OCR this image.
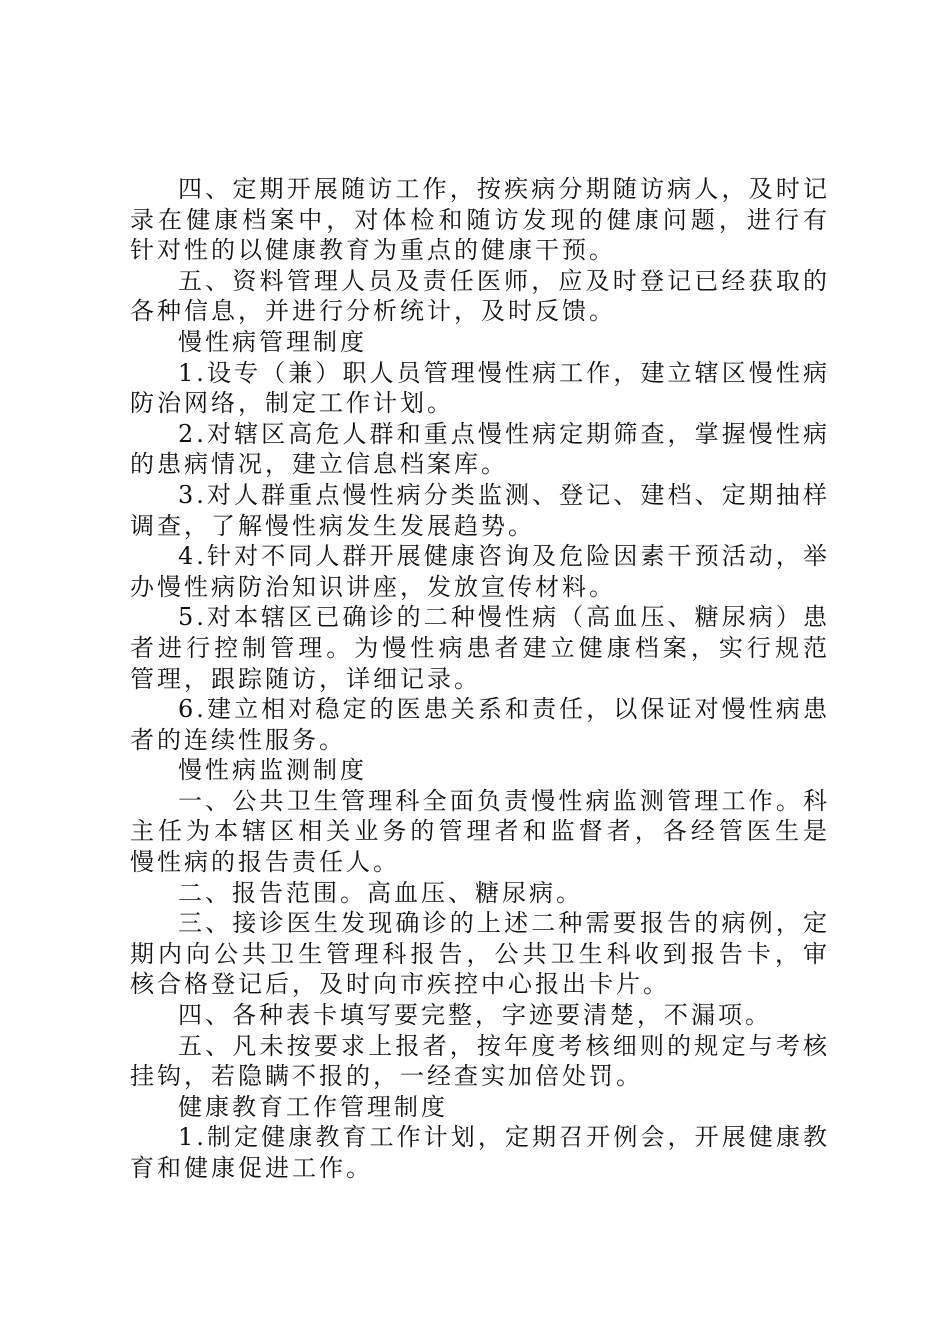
四、定期开展随访工作，按疾病分期随访病人，及时记录在健康档案中，对体检和随访发现的健康问题，进行有针对性的以健康教育为重点的健康干预。

五、资料管理人员及责任医师，应及时登记已经获取的各种信息，并进行分析统计，及时反馈。

慢性病管理制度

1.设专（兼）职人员管理慢性病工作，建立辖区慢性病防治网络，制定工作计划。

2.对辖区高危人群和重点慢性病定期筛查，掌握慢性病的患病情况，建立信息档案库。

3.对人群重点慢性病分类监测、登记、建档、定期抽样调查，了解慢性病发生发展趋势。

4.针对不同人群开展健康咨询及危险因素干预活动，举办慢性病防治知识讲座，发放宣传材料。

5.对本辖区已确诊的二种慢性病（高血压、糖尿病）患者进行控制管理。为慢性病患者建立健康档案，实行规范管理，跟踪随访，详细记录。

6.建立相对稳定的医患关系和责任，以保证对慢性病患者的连续性服务。

慢性病监测制度

一、公共卫生管理科全面负责慢性病监测管理工作。科主任为本辖区相关业务的管理者和监督者，各经管医生是慢性病的报告责任人。

二、报告范围。高血压、糖尿病。

三、接诊医生发现确诊的上述二种需要报告的病例，定期内向公共卫生管理科报告，公共卫生科收到报告卡，审核合格登记后，及时向市疾控中心报出卡片。

四、各种表卡填写要完整，字迹要清楚，不漏项。

五、凡未按要求上报者，按年度考核细则的规定与考核挂钩，若隐瞒不报的，一经查实加倍处罚。

健康教育工作管理制度

1.制定健康教育工作计划，定期召开例会，开展健康教育和健康促进工作。
